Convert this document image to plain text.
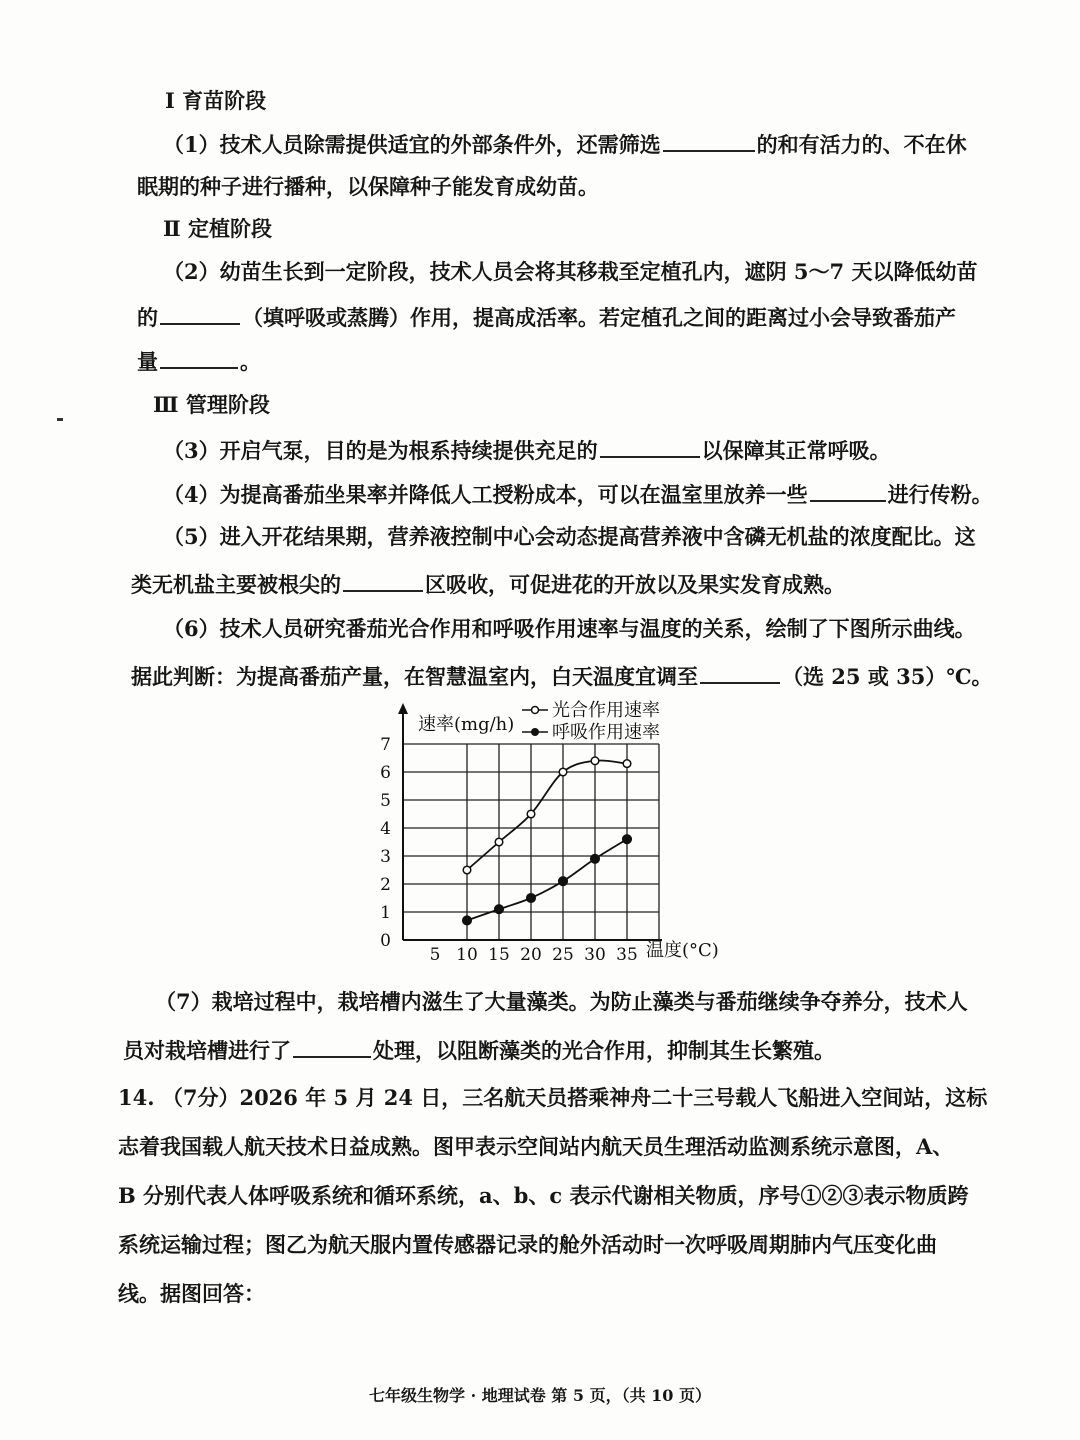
Ⅰ 育苗阶段
（1）技术人员除需提供适宜的外部条件外，还需筛选	的和有活力的、不在休
眠期的种子进行播种，以保障种子能发育成幼苗。
Ⅱ 定植阶段
（2）幼苗生长到一定阶段，技术人员会将其移栽至定植孔内，遮阴 5～7 天以降低幼苗
的	（填呼吸或蒸腾）作用，提高成活率。若定植孔之间的距离过小会导致番茄产
量	。
Ⅲ 管理阶段
（3）开启气泵，目的是为根系持续提供充足的	以保障其正常呼吸。
（4）为提高番茄坐果率并降低人工授粉成本，可以在温室里放养一些	进行传粉。
（5）进入开花结果期，营养液控制中心会动态提高营养液中含磷无机盐的浓度配比。这
类无机盐主要被根尖的	区吸收，可促进花的开放以及果实发育成熟。
（6）技术人员研究番茄光合作用和呼吸作用速率与温度的关系，绘制了下图所示曲线。
据此判断：为提高番茄产量，在智慧温室内，白天温度宜调至	（选 25 或 35）℃。
5 10 15 20 25 30 35
0
1
2
3
4
5
6
7
速率(mg/h)
温度(°C)
光合作用速率
呼吸作用速率
（7）栽培过程中，栽培槽内滋生了大量藻类。为防止藻类与番茄继续争夺养分，技术人
员对栽培槽进行了	处理，以阻断藻类的光合作用，抑制其生长繁殖。
14. （7分）2026 年 5 月 24 日，三名航天员搭乘神舟二十三号载人飞船进入空间站，这标
志着我国载人航天技术日益成熟。图甲表示空间站内航天员生理活动监测系统示意图，A、
B 分别代表人体呼吸系统和循环系统，a、b、c 表示代谢相关物质，序号①②③表示物质跨
系统运输过程；图乙为航天服内置传感器记录的舱外活动时一次呼吸周期肺内气压变化曲
线。据图回答：
七年级生物学 · 地理试卷 第 5 页，（共 10 页）
